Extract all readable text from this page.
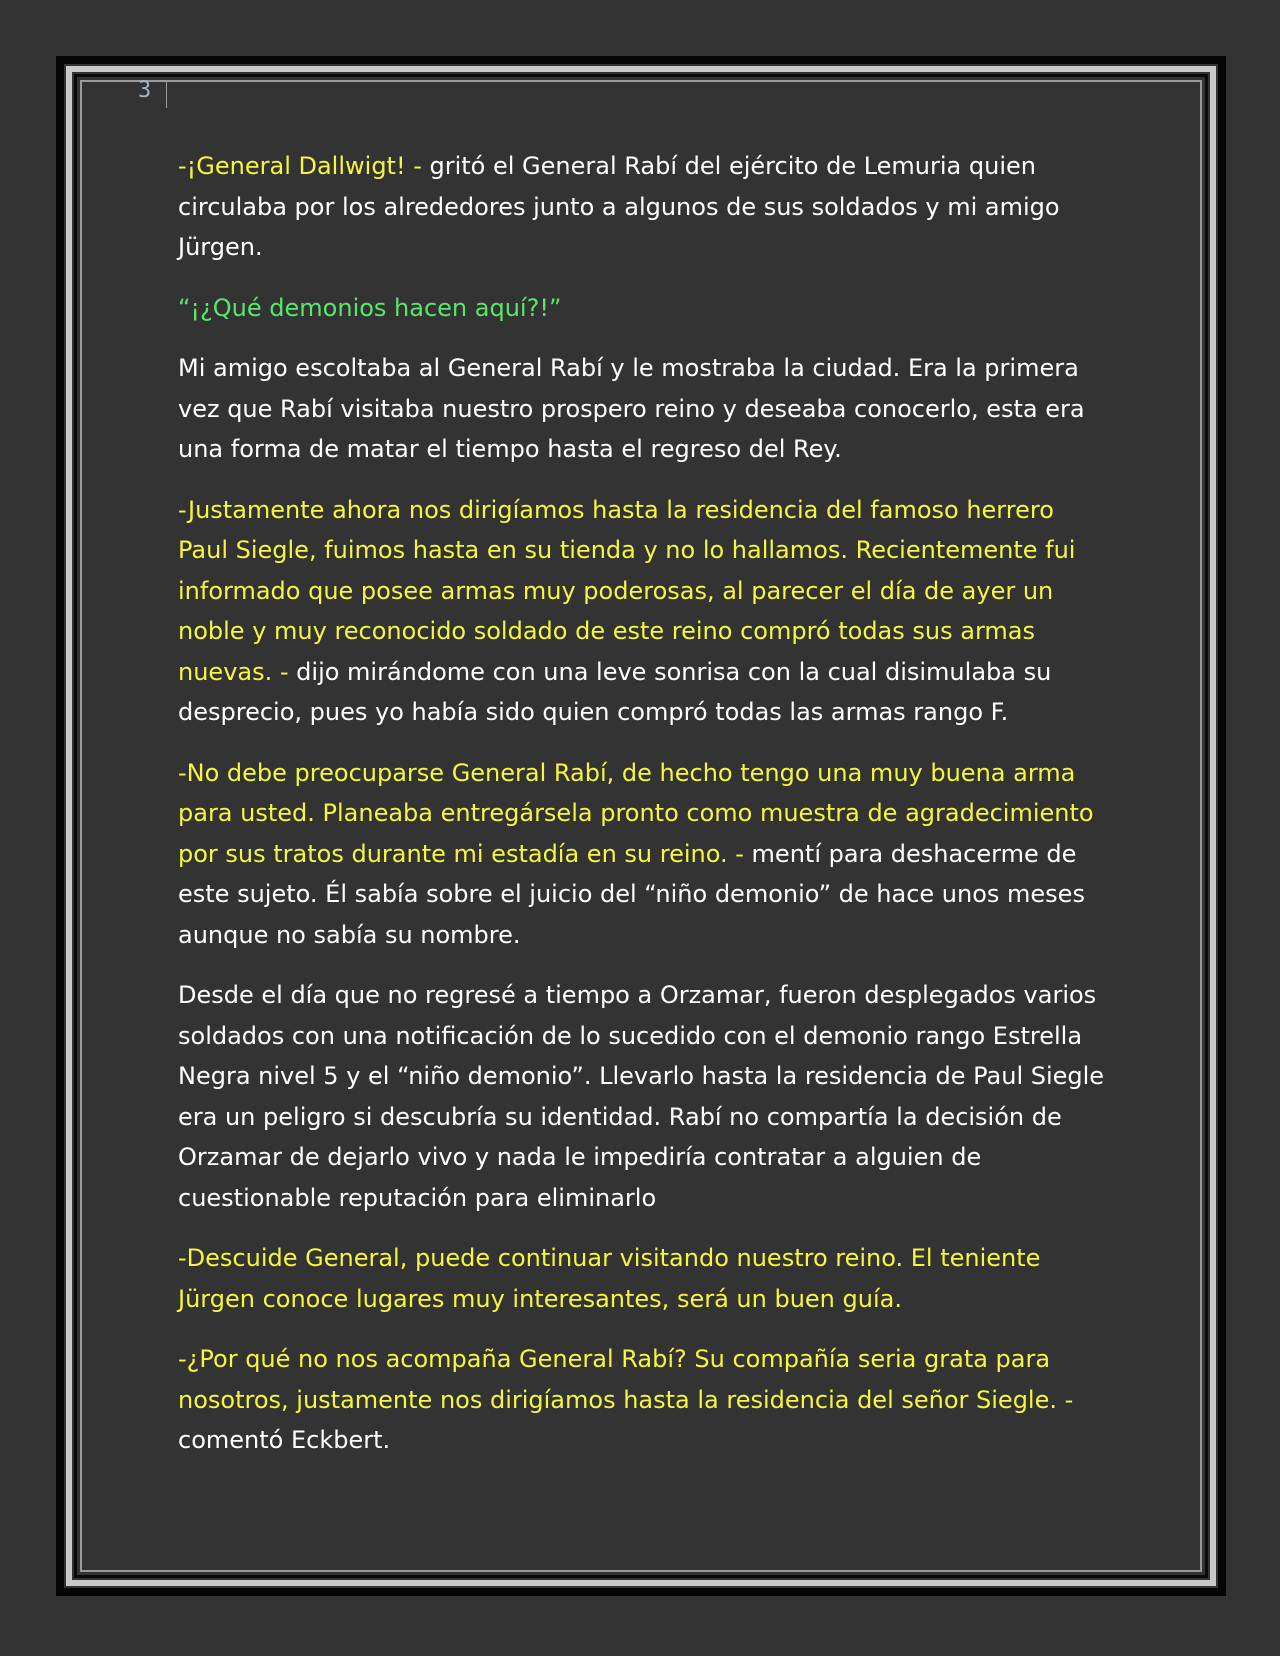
3

-¡General Dallwigt! - gritó el General Rabí del ejército de Lemuria quien circulaba por los alrededores junto a algunos de sus soldados y mi amigo Jürgen.

“¡¿Qué demonios hacen aquí?!”

Mi amigo escoltaba al General Rabí y le mostraba la ciudad. Era la primera vez que Rabí visitaba nuestro prospero reino y deseaba conocerlo, esta era una forma de matar el tiempo hasta el regreso del Rey.

-Justamente ahora nos dirigíamos hasta la residencia del famoso herrero Paul Siegle, fuimos hasta en su tienda y no lo hallamos. Recientemente fui informado que posee armas muy poderosas, al parecer el día de ayer un noble y muy reconocido soldado de este reino compró todas sus armas nuevas. - dijo mirándome con una leve sonrisa con la cual disimulaba su desprecio, pues yo había sido quien compró todas las armas rango F.

-No debe preocuparse General Rabí, de hecho tengo una muy buena arma para usted. Planeaba entregársela pronto como muestra de agradecimiento por sus tratos durante mi estadía en su reino. - mentí para deshacerme de este sujeto. Él sabía sobre el juicio del “niño demonio” de hace unos meses aunque no sabía su nombre.

Desde el día que no regresé a tiempo a Orzamar, fueron desplegados varios soldados con una notificación de lo sucedido con el demonio rango Estrella Negra nivel 5 y el “niño demonio”. Llevarlo hasta la residencia de Paul Siegle era un peligro si descubría su identidad. Rabí no compartía la decisión de Orzamar de dejarlo vivo y nada le impediría contratar a alguien de cuestionable reputación para eliminarlo

-Descuide General, puede continuar visitando nuestro reino. El teniente Jürgen conoce lugares muy interesantes, será un buen guía.

-¿Por qué no nos acompaña General Rabí? Su compañía seria grata para nosotros, justamente nos dirigíamos hasta la residencia del señor Siegle. - comentó Eckbert.
